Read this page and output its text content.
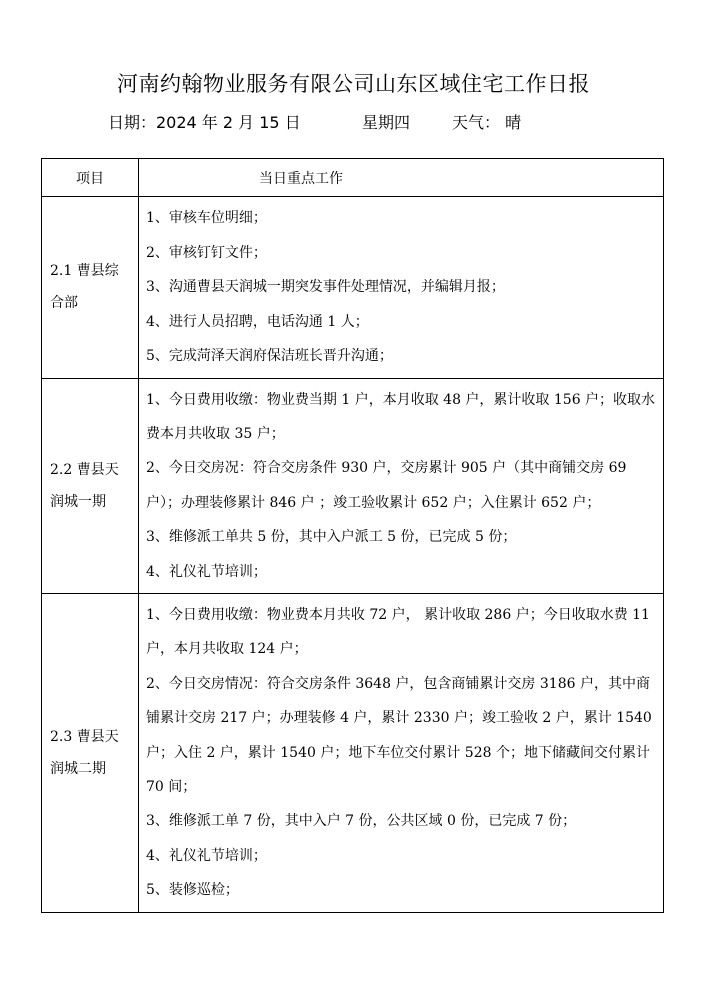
河南约翰物业服务有限公司山东区域住宅工作日报
日期：2024 年 2 月 15 日	星期四	天气： 晴
项目	当日重点工作
2.1 曹县综合部	1、审核车位明细；

2、审核钉钉文件；

3、沟通曹县天润城一期突发事件处理情况，并编辑月报；

4、进行人员招聘，电话沟通 1 人；

5、完成菏泽天润府保洁班长晋升沟通；

2.2 曹县天润城一期	1、今日费用收缴：物业费当期 1 户，本月收取 48 户，累计收取 156 户；收取水费本月共收取 35 户；

2、今日交房况：符合交房条件 930 户，交房累计 905 户（其中商铺交房 69 户）；办理装修累计 846 户 ；竣工验收累计 652 户；入住累计 652 户；

3、维修派工单共 5 份，其中入户派工 5 份，已完成 5 份；

4、礼仪礼节培训；

2.3 曹县天润城二期	1、今日费用收缴：物业费本月共收 72 户， 累计收取 286 户；今日收取水费 11 户，本月共收取 124 户；

2、今日交房情况：符合交房条件 3648 户，包含商铺累计交房 3186 户，其中商铺累计交房 217 户；办理装修 4 户，累计 2330 户；竣工验收 2 户，累计 1540 户；入住 2 户，累计 1540 户；地下车位交付累计 528 个；地下储藏间交付累计 70 间；

3、维修派工单 7 份，其中入户 7 份，公共区域 0 份，已完成 7 份；

4、礼仪礼节培训；

5、装修巡检；
